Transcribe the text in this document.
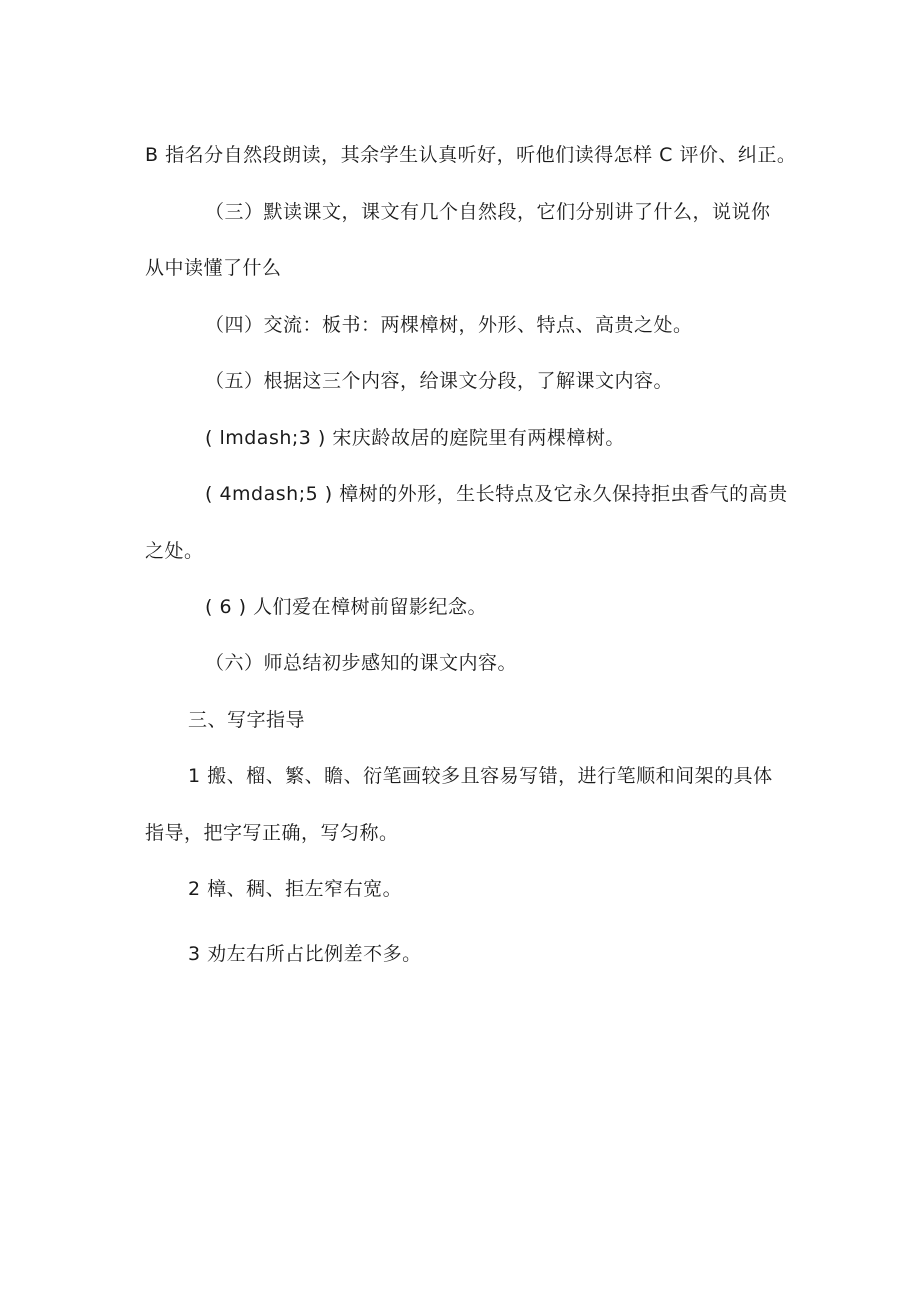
B 指名分自然段朗读，其余学生认真听好，听他们读得怎样 C 评价、纠正。
（三）默读课文，课文有几个自然段，它们分别讲了什么，说说你
从中读懂了什么
（四）交流：板书：两棵樟树，外形、特点、高贵之处。
（五）根据这三个内容，给课文分段，了解课文内容。
( lmdash;3 ) 宋庆龄故居的庭院里有两棵樟树。
( 4mdash;5 ) 樟树的外形，生长特点及它永久保持拒虫香气的高贵
之处。
( 6 ) 人们爱在樟树前留影纪念。
（六）师总结初步感知的课文内容。
三、写字指导
1 搬、榴、繁、瞻、衍笔画较多且容易写错，进行笔顺和间架的具体
指导，把字写正确，写匀称。
2 樟、稠、拒左窄右宽。
3 劝左右所占比例差不多。
